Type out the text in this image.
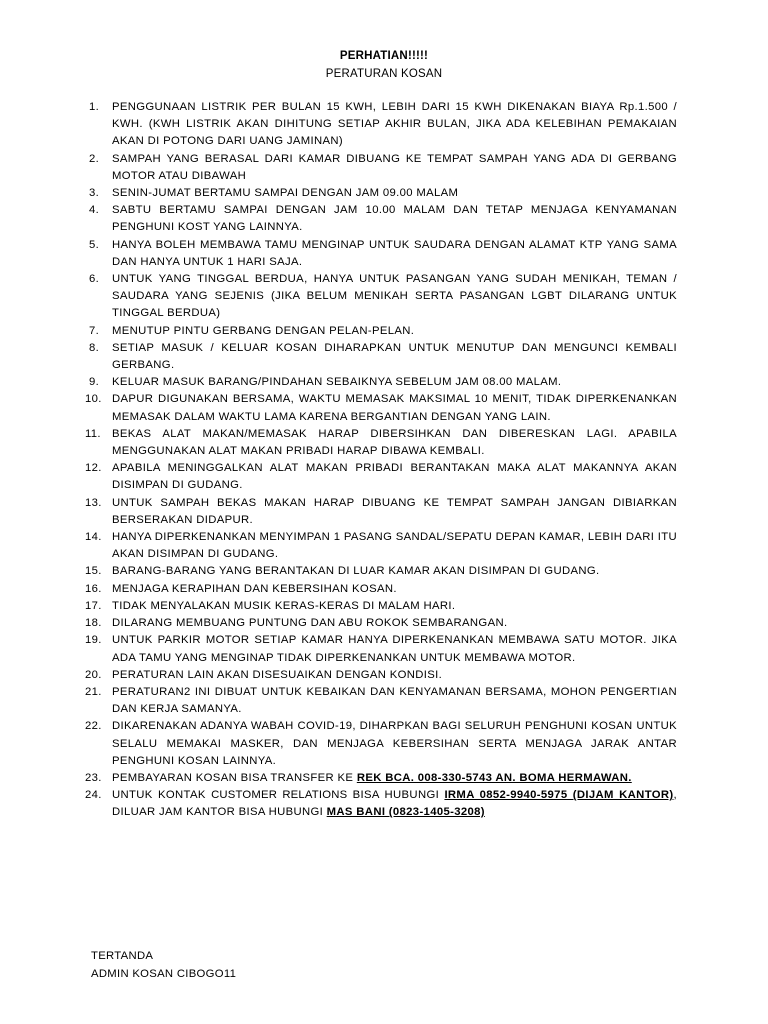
PERHATIAN!!!!!
PERATURAN KOSAN
1.	PENGGUNAAN LISTRIK PER BULAN 15 KWH, LEBIH DARI 15 KWH DIKENAKAN BIAYA Rp.1.500 / KWH. (KWH LISTRIK AKAN DIHITUNG SETIAP AKHIR BULAN, JIKA ADA KELEBIHAN PEMAKAIAN AKAN DI POTONG DARI UANG JAMINAN)
2.	SAMPAH YANG BERASAL DARI KAMAR DIBUANG KE TEMPAT SAMPAH YANG ADA DI GERBANG MOTOR ATAU DIBAWAH
3.	SENIN-JUMAT BERTAMU SAMPAI DENGAN JAM 09.00 MALAM
4.	SABTU BERTAMU SAMPAI DENGAN JAM 10.00 MALAM DAN TETAP MENJAGA KENYAMANAN PENGHUNI KOST YANG LAINNYA.
5.	HANYA BOLEH MEMBAWA TAMU MENGINAP UNTUK SAUDARA DENGAN ALAMAT KTP YANG SAMA DAN HANYA UNTUK 1 HARI SAJA.
6.	UNTUK YANG TINGGAL BERDUA, HANYA UNTUK PASANGAN YANG SUDAH MENIKAH, TEMAN / SAUDARA YANG SEJENIS (JIKA BELUM MENIKAH SERTA PASANGAN LGBT DILARANG UNTUK TINGGAL BERDUA)
7.	MENUTUP PINTU GERBANG DENGAN PELAN-PELAN.
8.	SETIAP MASUK / KELUAR KOSAN DIHARAPKAN UNTUK MENUTUP DAN MENGUNCI KEMBALI GERBANG.
9.	KELUAR MASUK BARANG/PINDAHAN SEBAIKNYA SEBELUM JAM 08.00 MALAM.
10. DAPUR DIGUNAKAN BERSAMA, WAKTU MEMASAK MAKSIMAL 10 MENIT, TIDAK DIPERKENANKAN MEMASAK DALAM WAKTU LAMA KARENA BERGANTIAN DENGAN YANG LAIN.
11. BEKAS ALAT MAKAN/MEMASAK HARAP DIBERSIHKAN DAN DIBERESKAN LAGI. APABILA MENGGUNAKAN ALAT MAKAN PRIBADI HARAP DIBAWA KEMBALI.
12. APABILA MENINGGALKAN ALAT MAKAN PRIBADI BERANTAKAN MAKA ALAT MAKANNYA AKAN DISIMPAN DI GUDANG.
13. UNTUK SAMPAH BEKAS MAKAN HARAP DIBUANG KE TEMPAT SAMPAH JANGAN DIBIARKAN BERSERAKAN DIDAPUR.
14. HANYA DIPERKENANKAN MENYIMPAN 1 PASANG SANDAL/SEPATU DEPAN KAMAR, LEBIH DARI ITU AKAN DISIMPAN DI GUDANG.
15. BARANG-BARANG YANG BERANTAKAN DI LUAR KAMAR AKAN DISIMPAN DI GUDANG.
16. MENJAGA KERAPIHAN DAN KEBERSIHAN KOSAN.
17. TIDAK MENYALAKAN MUSIK KERAS-KERAS DI MALAM HARI.
18. DILARANG MEMBUANG PUNTUNG DAN ABU ROKOK SEMBARANGAN.
19. UNTUK PARKIR MOTOR SETIAP KAMAR HANYA DIPERKENANKAN MEMBAWA SATU MOTOR. JIKA ADA TAMU YANG MENGINAP TIDAK DIPERKENANKAN UNTUK MEMBAWA MOTOR.
20. PERATURAN LAIN AKAN DISESUAIKAN DENGAN KONDISI.
21. PERATURAN2 INI DIBUAT UNTUK KEBAIKAN DAN KENYAMANAN BERSAMA, MOHON PENGERTIAN DAN KERJA SAMANYA.
22. DIKARENAKAN ADANYA WABAH COVID-19, DIHARPKAN BAGI SELURUH PENGHUNI KOSAN UNTUK SELALU MEMAKAI MASKER, DAN MENJAGA KEBERSIHAN SERTA MENJAGA JARAK ANTAR PENGHUNI KOSAN LAINNYA.
23. PEMBAYARAN KOSAN BISA TRANSFER KE REK BCA. 008-330-5743 AN. BOMA HERMAWAN.
24. UNTUK KONTAK CUSTOMER RELATIONS BISA HUBUNGI IRMA 0852-9940-5975 (DIJAM KANTOR), DILUAR JAM KANTOR BISA HUBUNGI MAS BANI (0823-1405-3208)
TERTANDA
ADMIN KOSAN CIBOGO11
